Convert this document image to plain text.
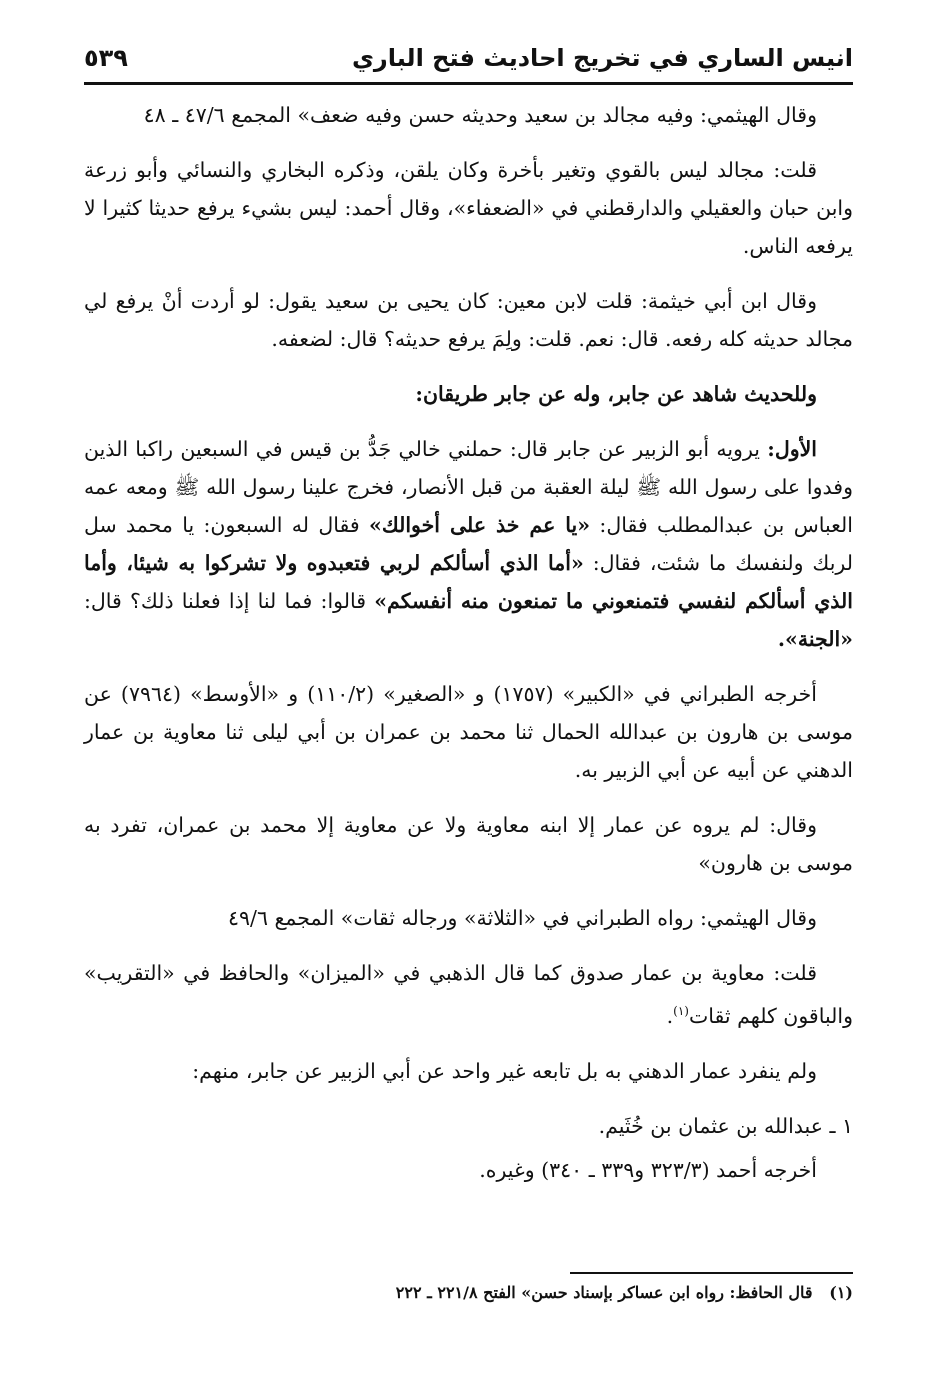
انيس الساري في تخريج احاديث فتح الباري
٥٣٩

وقال الهيثمي: وفيه مجالد بن سعيد وحديثه حسن وفيه ضعف» المجمع ٤٧/٦ ـ ٤٨

قلت: مجالد ليس بالقوي وتغير بأخرة وكان يلقن، وذكره البخاري والنسائي وأبو زرعة وابن حبان والعقيلي والدارقطني في «الضعفاء»، وقال أحمد: ليس بشيء يرفع حديثا كثيرا لا يرفعه الناس.

وقال ابن أبي خيثمة: قلت لابن معين: كان يحيى بن سعيد يقول: لو أردت أنْ يرفع لي مجالد حديثه كله رفعه. قال: نعم. قلت: ولِمَ يرفع حديثه؟ قال: لضعفه.

وللحديث شاهد عن جابر، وله عن جابر طريقان:

الأول: يرويه أبو الزبير عن جابر قال: حملني خالي جَدُّ بن قيس في السبعين راكبا الذين وفدوا على رسول الله ﷺ ليلة العقبة من قبل الأنصار، فخرج علينا رسول الله ﷺ ومعه عمه العباس بن عبدالمطلب فقال: «يا عم خذ على أخوالك» فقال له السبعون: يا محمد سل لربك ولنفسك ما شئت، فقال: «أما الذي أسألكم لربي فتعبدوه ولا تشركوا به شيئا، وأما الذي أسألكم لنفسي فتمنعوني ما تمنعون منه أنفسكم» قالوا: فما لنا إذا فعلنا ذلك؟ قال: «الجنة».

أخرجه الطبراني في «الكبير» (١٧٥٧) و «الصغير» (١١٠/٢) و «الأوسط» (٧٩٦٤) عن موسى بن هارون بن عبدالله الحمال ثنا محمد بن عمران بن أبي ليلى ثنا معاوية بن عمار الدهني عن أبيه عن أبي الزبير به.

وقال: لم يروه عن عمار إلا ابنه معاوية ولا عن معاوية إلا محمد بن عمران، تفرد به موسى بن هارون»

وقال الهيثمي: رواه الطبراني في «الثلاثة» ورجاله ثقات» المجمع ٤٩/٦

قلت: معاوية بن عمار صدوق كما قال الذهبي في «الميزان» والحافظ في «التقريب» والباقون كلهم ثقات$^{(١)}$.

ولم ينفرد عمار الدهني به بل تابعه غير واحد عن أبي الزبير عن جابر، منهم:

١ ـ عبدالله بن عثمان بن خُثَيم.

أخرجه أحمد (٣٢٣/٣ و٣٣٩ ـ ٣٤٠) وغيره.

(١)   قال الحافظ: رواه ابن عساكر بإسناد حسن» الفتح ٢٢١/٨ ـ ٢٢٢
